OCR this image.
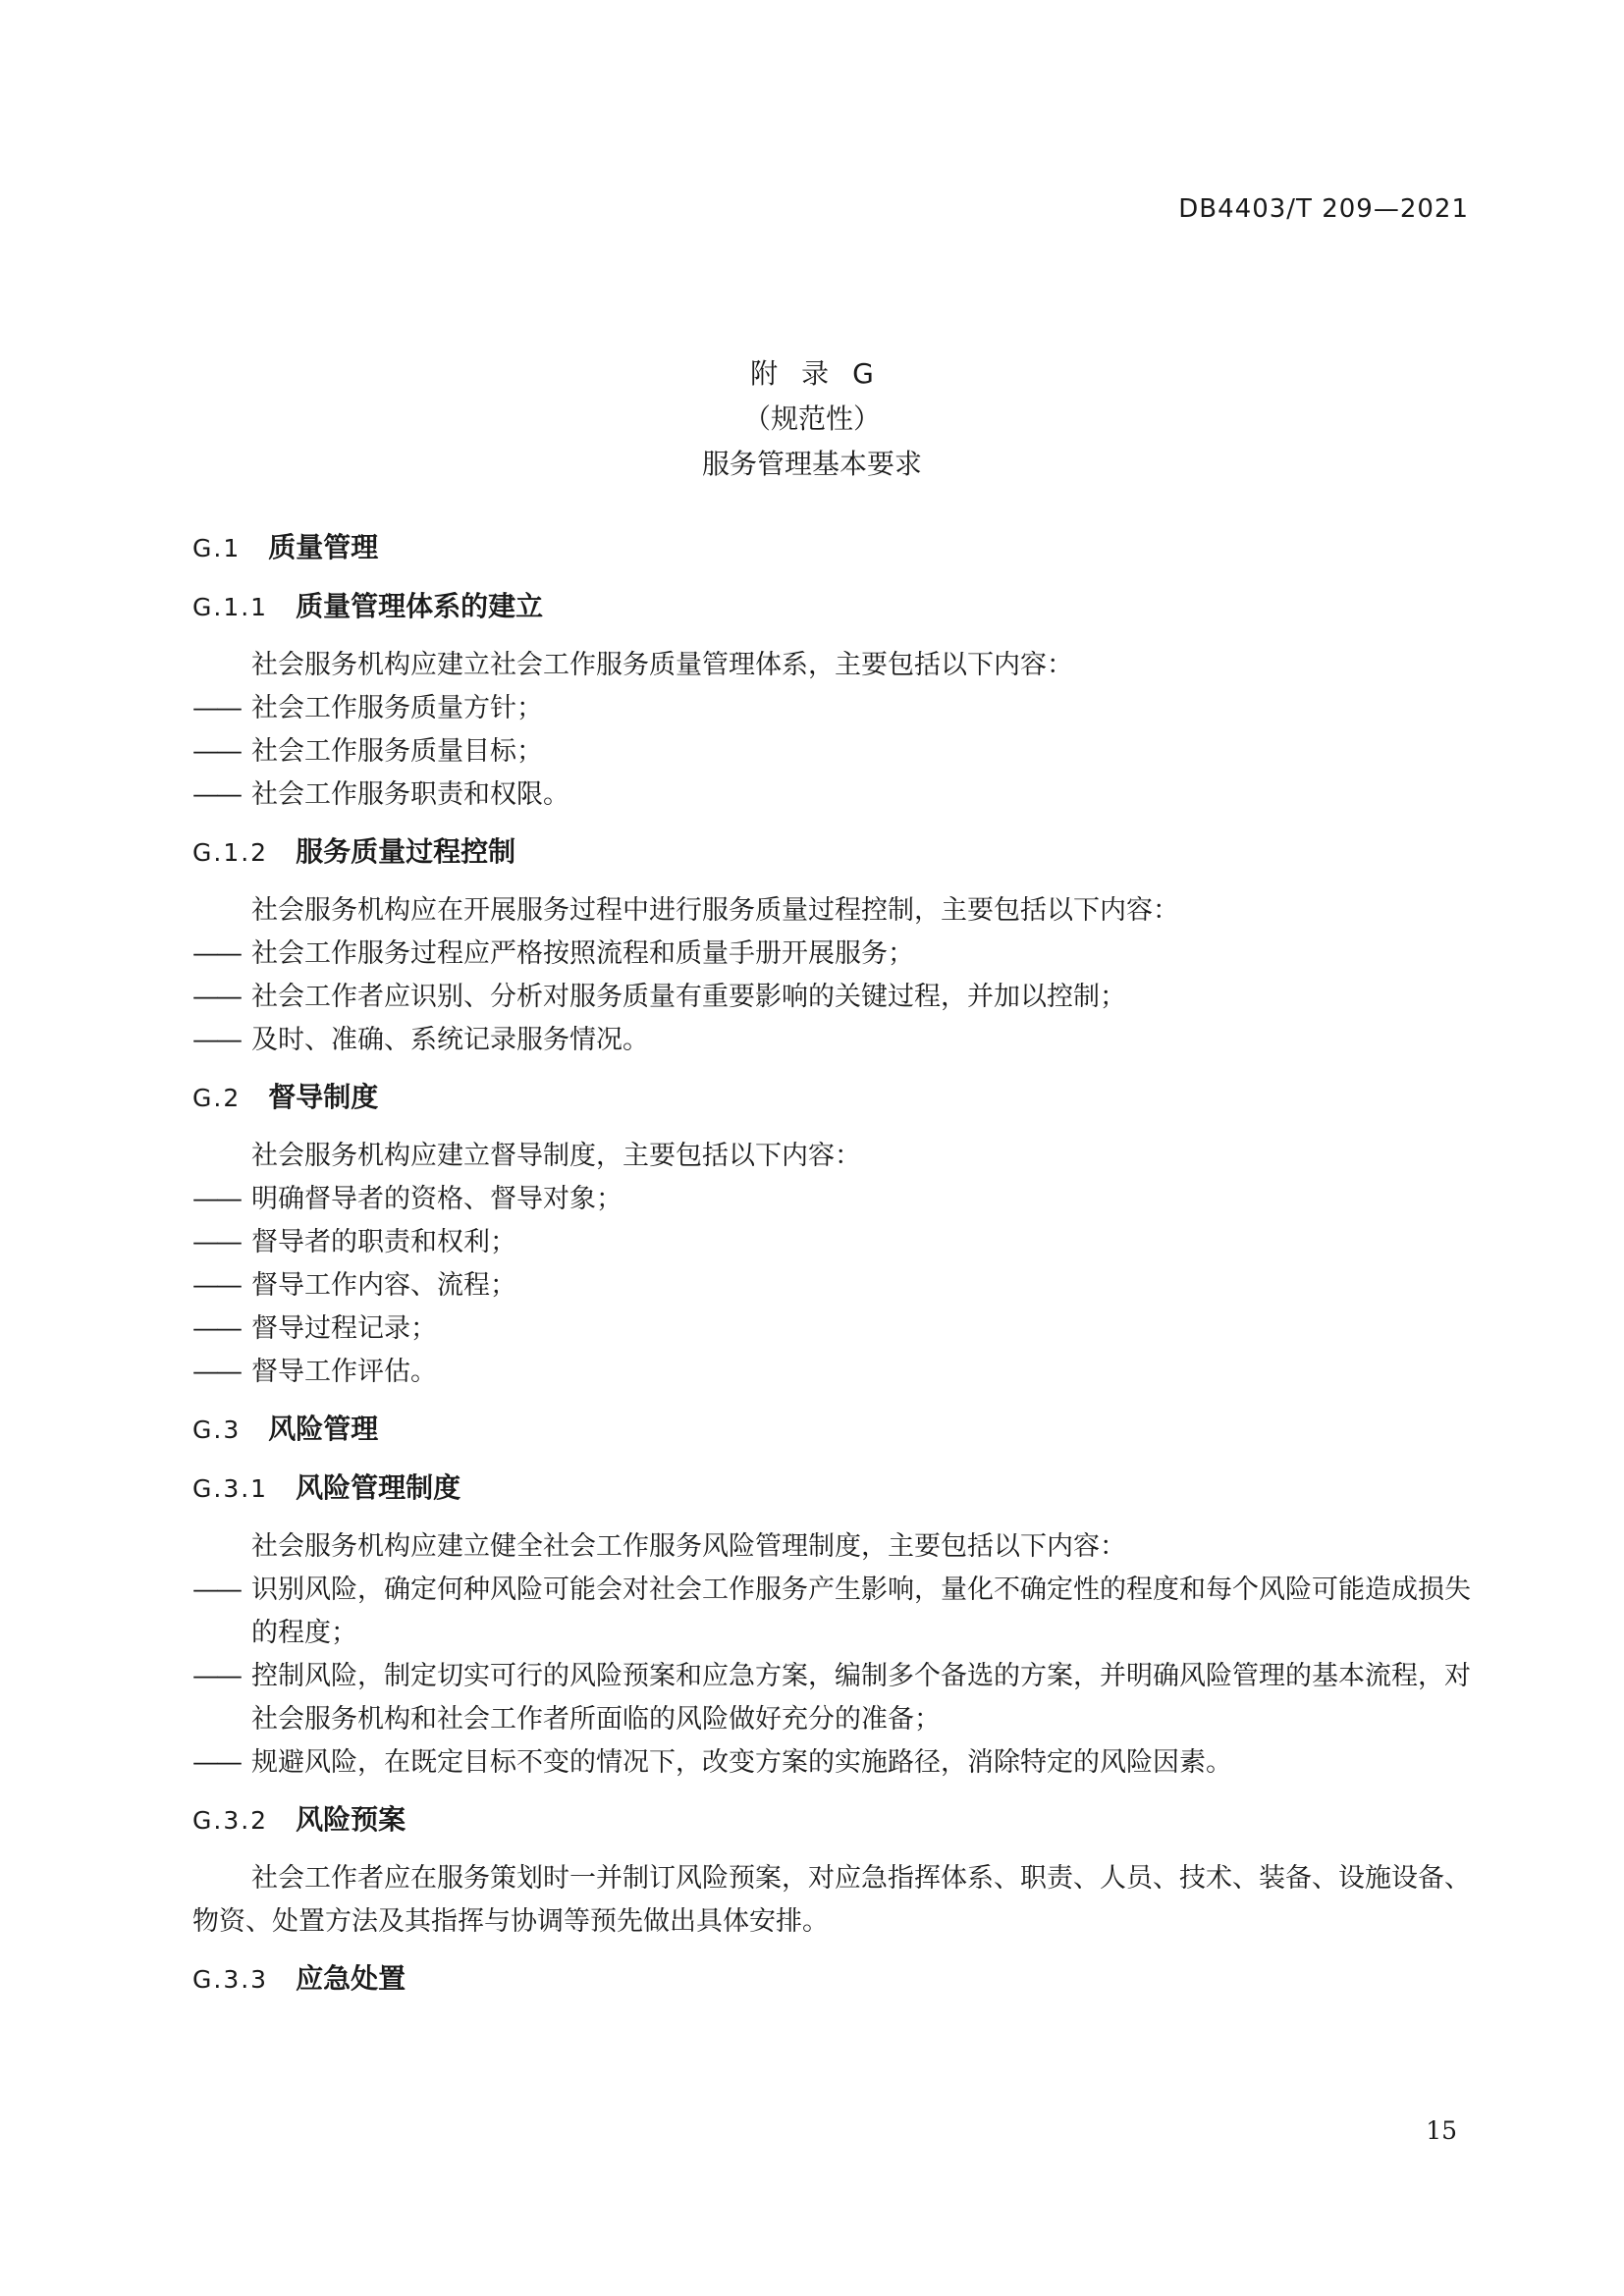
DB4403/T 209—2021
附录G
（规范性）
服务管理基本要求
G.1 质量管理
G.1.1 质量管理体系的建立

社会服务机构应建立社会工作服务质量管理体系，主要包括以下内容：

—— 社会工作服务质量方针；
—— 社会工作服务质量目标；
—— 社会工作服务职责和权限。
G.1.2 服务质量过程控制

社会服务机构应在开展服务过程中进行服务质量过程控制，主要包括以下内容：

—— 社会工作服务过程应严格按照流程和质量手册开展服务；
—— 社会工作者应识别、分析对服务质量有重要影响的关键过程，并加以控制；
—— 及时、准确、系统记录服务情况。
G.2 督导制度

社会服务机构应建立督导制度，主要包括以下内容：

—— 明确督导者的资格、督导对象；
—— 督导者的职责和权利；
—— 督导工作内容、流程；
—— 督导过程记录；
—— 督导工作评估。
G.3 风险管理
G.3.1 风险管理制度

社会服务机构应建立健全社会工作服务风险管理制度，主要包括以下内容：

—— 识别风险，确定何种风险可能会对社会工作服务产生影响，量化不确定性的程度和每个风险可能造成损失的程度；
—— 控制风险，制定切实可行的风险预案和应急方案，编制多个备选的方案，并明确风险管理的基本流程，对社会服务机构和社会工作者所面临的风险做好充分的准备；
—— 规避风险，在既定目标不变的情况下，改变方案的实施路径，消除特定的风险因素。
G.3.2 风险预案

社会工作者应在服务策划时一并制订风险预案，对应急指挥体系、职责、人员、技术、装备、设施设备、物资、处置方法及其指挥与协调等预先做出具体安排。

G.3.3 应急处置
15
